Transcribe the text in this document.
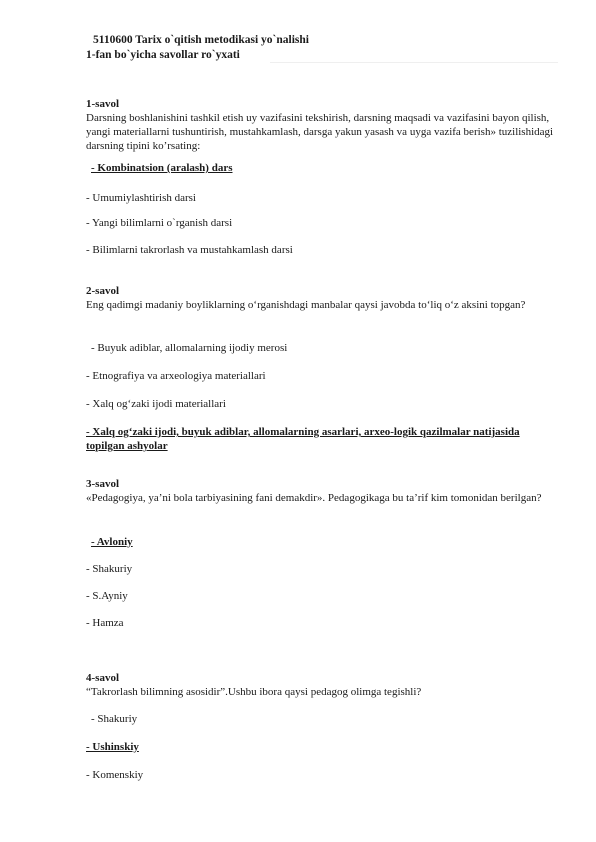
5110600 Tarix o`qitish metodikasi yo`nalishi
1-fan bo`yicha savollar ro`yxati
1-savol
Darsning boshlanishini tashkil etish uy vazifasini tekshirish, darsning maqsadi va vazifasini bayon qilish, yangi materiallarni tushuntirish, mustahkamlash, darsga yakun yasash va uyga vazifa berish» tuzilishidagi darsning tipini ko’rsating:
- Kombinatsion (aralash) dars
- Umumiylashtirish darsi
- Yangi bilimlarni o`rganish darsi
- Bilimlarni takrorlash va mustahkamlash darsi
2-savol
Eng qadimgi madaniy boyliklarning o‘rganishdagi manbalar qaysi javobda to‘liq o‘z aksini topgan?
- Buyuk adiblar, allomalarning ijodiy merosi
- Etnografiya va arxeologiya materiallari
- Xalq og‘zaki ijodi materiallari
- Xalq og‘zaki ijodi, buyuk adiblar, allomalarning asarlari, arxeo-logik qazilmalar natijasida topilgan ashyolar
3-savol
«Pedagogiya, ya’ni bola tarbiyasining fani demakdir». Pedagogikaga bu ta’rif kim tomonidan berilgan?
- Avloniy
- Shakuriy
- S.Ayniy
- Hamza
4-savol
“Takrorlash bilimning asosidir”.Ushbu ibora qaysi pedagog olimga tegishli?
- Shakuriy
- Ushinskiy
- Komenskiy
